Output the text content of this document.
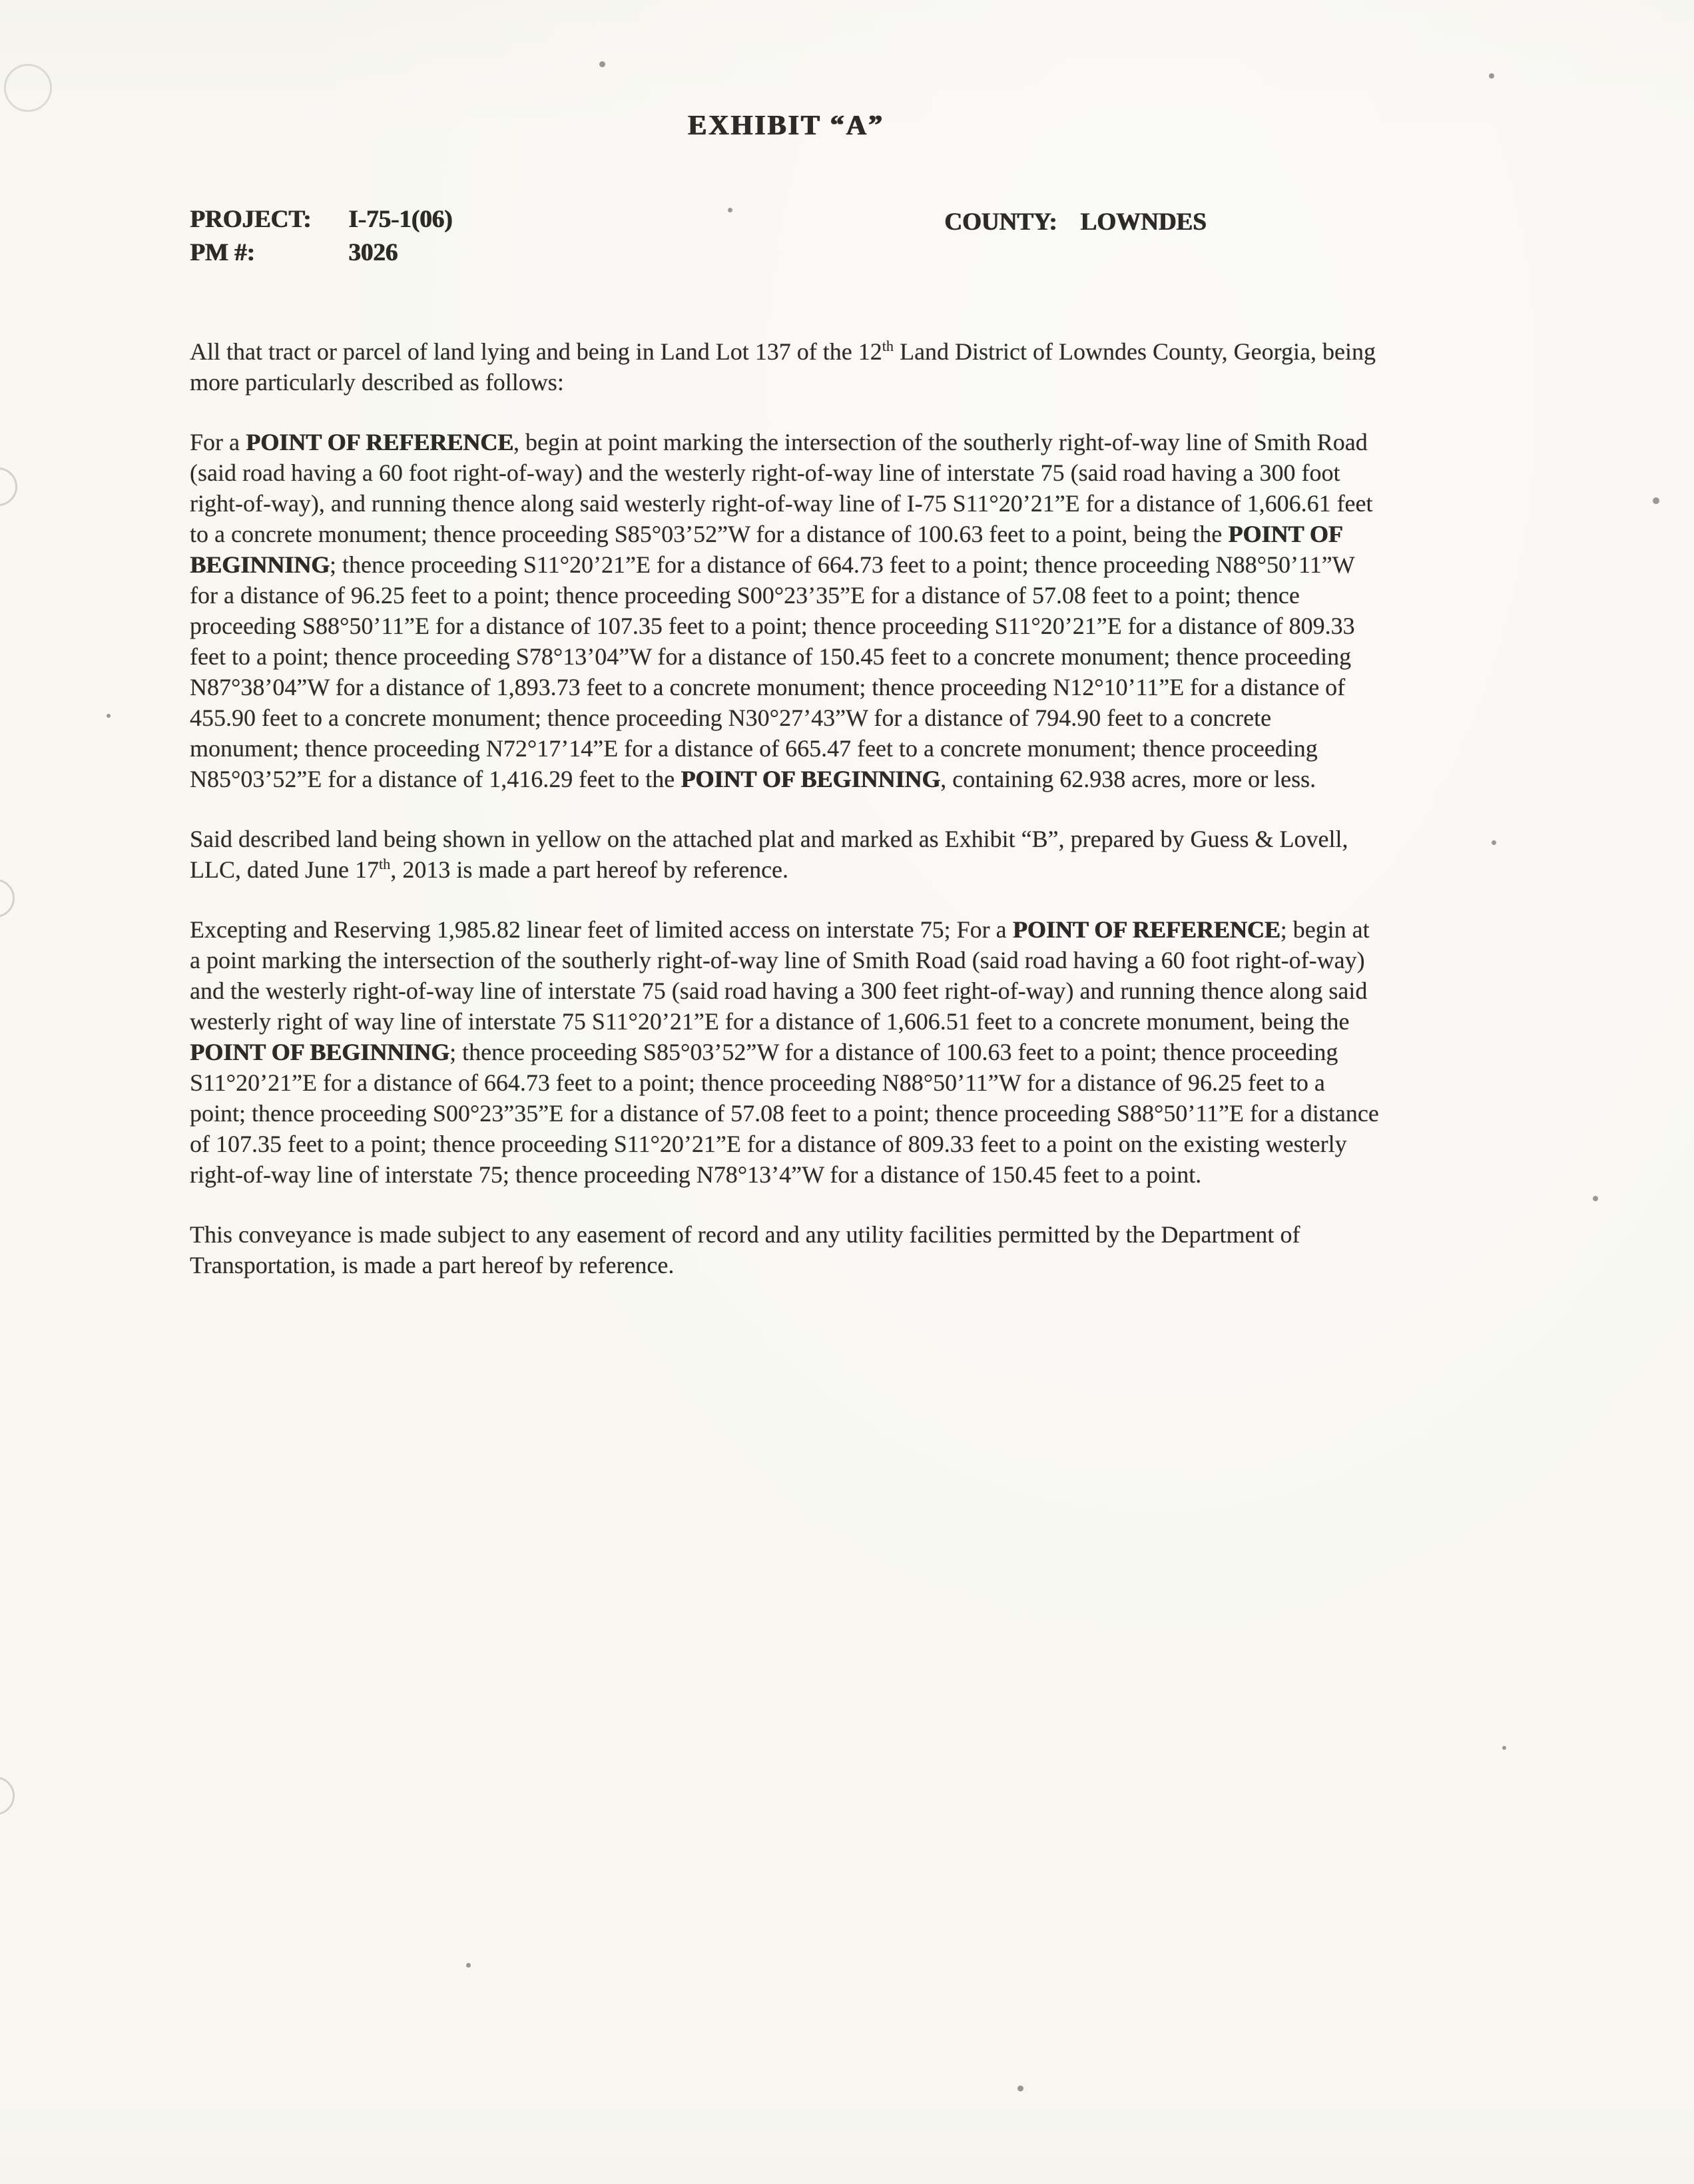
EXHIBIT “A”
PROJECT: I-75-1(06)
PM #:	3026
COUNTY: LOWNDES

All that tract or parcel of land lying and being in Land Lot 137 of the 12th Land District of Lowndes County, Georgia, being more particularly described as follows:

For a POINT OF REFERENCE, begin at point marking the intersection of the southerly right-of-way line of Smith Road (said road having a 60 foot right-of-way) and the westerly right-of-way line of interstate 75 (said road having a 300 foot right-of-way), and running thence along said westerly right-of-way line of I-75 S11°20’21”E for a distance of 1,606.61 feet to a concrete monument; thence proceeding S85°03’52”W for a distance of 100.63 feet to a point, being the POINT OF BEGINNING; thence proceeding S11°20’21”E for a distance of 664.73 feet to a point; thence proceeding N88°50’11”W for a distance of 96.25 feet to a point; thence proceeding S00°23’35”E for a distance of 57.08 feet to a point; thence proceeding S88°50’11”E for a distance of 107.35 feet to a point; thence proceeding S11°20’21”E for a distance of 809.33 feet to a point; thence proceeding S78°13’04”W for a distance of 150.45 feet to a concrete monument; thence proceeding N87°38’04”W for a distance of 1,893.73 feet to a concrete monument; thence proceeding N12°10’11”E for a distance of 455.90 feet to a concrete monument; thence proceeding N30°27’43”W for a distance of 794.90 feet to a concrete monument; thence proceeding N72°17’14”E for a distance of 665.47 feet to a concrete monument; thence proceeding N85°03’52”E for a distance of 1,416.29 feet to the POINT OF BEGINNING, containing 62.938 acres, more or less.

Said described land being shown in yellow on the attached plat and marked as Exhibit “B”, prepared by Guess & Lovell, LLC, dated June 17th, 2013 is made a part hereof by reference.

Excepting and Reserving 1,985.82 linear feet of limited access on interstate 75; For a POINT OF REFERENCE; begin at a point marking the intersection of the southerly right-of-way line of Smith Road (said road having a 60 foot right-of-way) and the westerly right-of-way line of interstate 75 (said road having a 300 feet right-of-way) and running thence along said westerly right of way line of interstate 75 S11°20’21”E for a distance of 1,606.51 feet to a concrete monument, being the POINT OF BEGINNING; thence proceeding S85°03’52”W for a distance of 100.63 feet to a point; thence proceeding S11°20’21”E for a distance of 664.73 feet to a point; thence proceeding N88°50’11”W for a distance of 96.25 feet to a point; thence proceeding S00°23”35”E for a distance of 57.08 feet to a point; thence proceeding S88°50’11”E for a distance of 107.35 feet to a point; thence proceeding S11°20’21”E for a distance of 809.33 feet to a point on the existing westerly right-of-way line of interstate 75; thence proceeding N78°13’4”W for a distance of 150.45 feet to a point.

This conveyance is made subject to any easement of record and any utility facilities permitted by the Department of Transportation, is made a part hereof by reference.
